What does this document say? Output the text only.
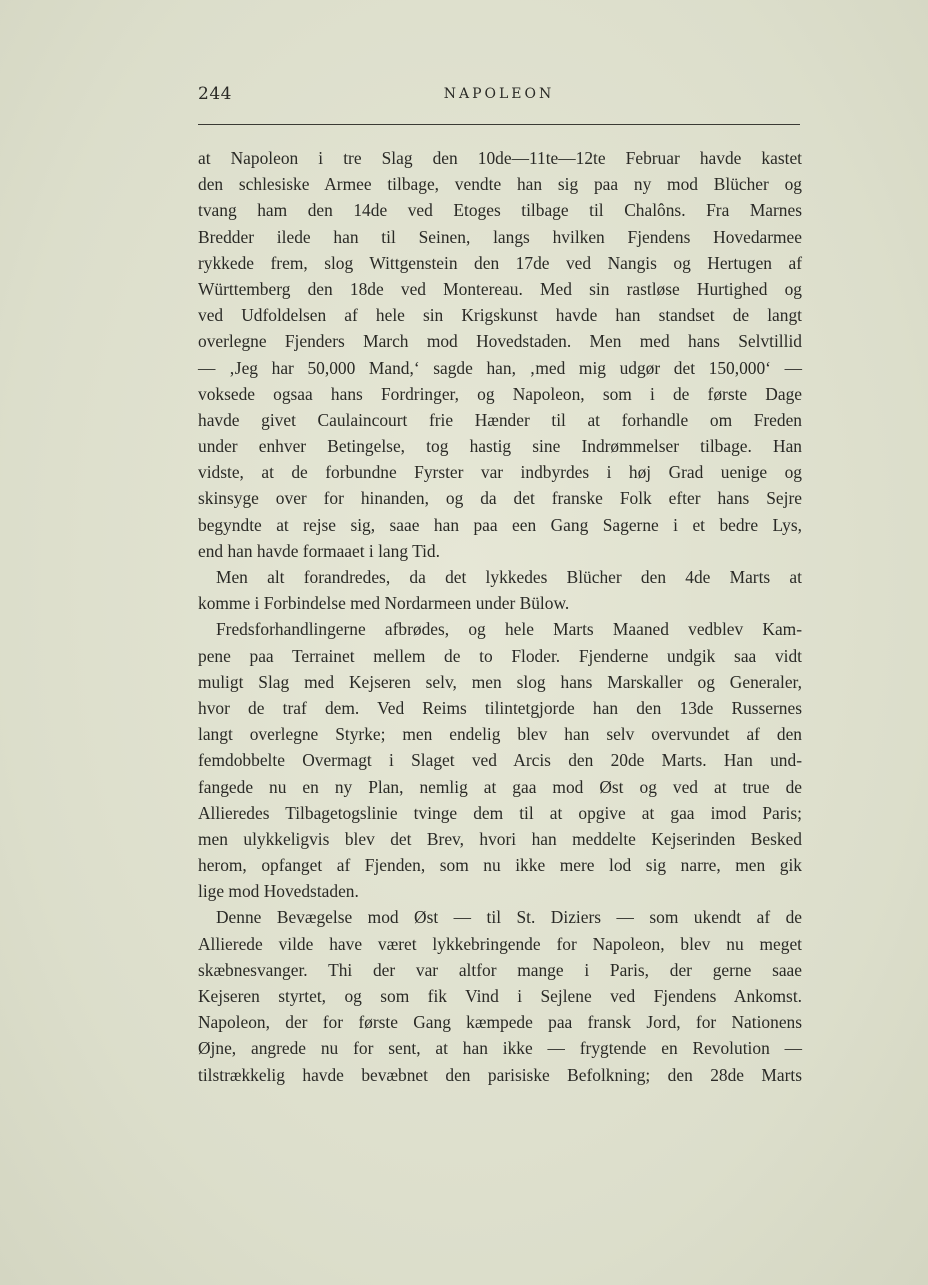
244	NAPOLEON
at Napoleon i tre Slag den 10de—11te—12te Februar havde kastet
den schlesiske Armee tilbage, vendte han sig paa ny mod Blücher og
tvang ham den 14de ved Etoges tilbage til Chalôns. Fra Marnes
Bredder ilede han til Seinen, langs hvilken Fjendens Hovedarmee
rykkede frem, slog Wittgenstein den 17de ved Nangis og Hertugen af
Württemberg den 18de ved Montereau. Med sin rastløse Hurtighed og
ved Udfoldelsen af hele sin Krigskunst havde han standset de langt
overlegne Fjenders March mod Hovedstaden. Men med hans Selvtillid
— ‚Jeg har 50,000 Mand,‘ sagde han, ‚med mig udgør det 150,000‘ —
voksede ogsaa hans Fordringer, og Napoleon, som i de første Dage
havde givet Caulaincourt frie Hænder til at forhandle om Freden
under enhver Betingelse, tog hastig sine Indrømmelser tilbage. Han
vidste, at de forbundne Fyrster var indbyrdes i høj Grad uenige og
skinsyge over for hinanden, og da det franske Folk efter hans Sejre
begyndte at rejse sig, saae han paa een Gang Sagerne i et bedre Lys,
end han havde formaaet i lang Tid.
Men alt forandredes, da det lykkedes Blücher den 4de Marts at
komme i Forbindelse med Nordarmeen under Bülow.
Fredsforhandlingerne afbrødes, og hele Marts Maaned vedblev Kam-
pene paa Terrainet mellem de to Floder. Fjenderne undgik saa vidt
muligt Slag med Kejseren selv, men slog hans Marskaller og Generaler,
hvor de traf dem. Ved Reims tilintetgjorde han den 13de Russernes
langt overlegne Styrke; men endelig blev han selv overvundet af den
femdobbelte Overmagt i Slaget ved Arcis den 20de Marts. Han und-
fangede nu en ny Plan, nemlig at gaa mod Øst og ved at true de
Allieredes Tilbagetogslinie tvinge dem til at opgive at gaa imod Paris;
men ulykkeligvis blev det Brev, hvori han meddelte Kejserinden Besked
herom, opfanget af Fjenden, som nu ikke mere lod sig narre, men gik
lige mod Hovedstaden.
Denne Bevægelse mod Øst — til St. Diziers — som ukendt af de
Allierede vilde have været lykkebringende for Napoleon, blev nu meget
skæbnesvanger. Thi der var altfor mange i Paris, der gerne saae
Kejseren styrtet, og som fik Vind i Sejlene ved Fjendens Ankomst.
Napoleon, der for første Gang kæmpede paa fransk Jord, for Nationens
Øjne, angrede nu for sent, at han ikke — frygtende en Revolution —
tilstrækkelig havde bevæbnet den parisiske Befolkning; den 28de Marts
